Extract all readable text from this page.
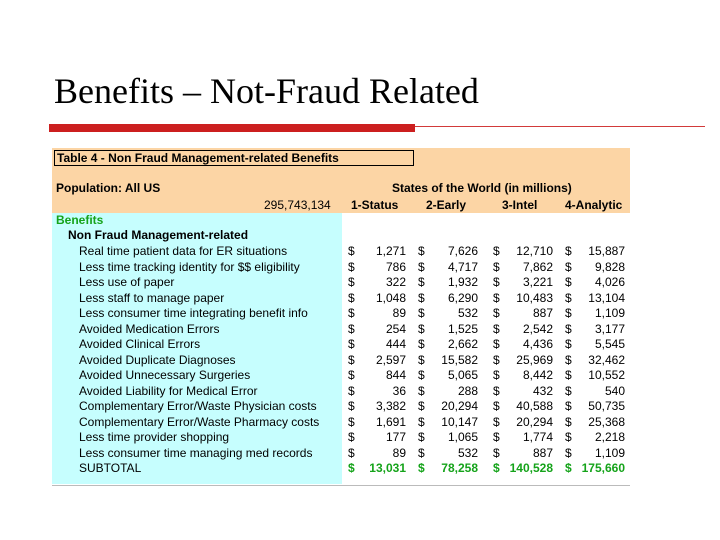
Benefits – Not-Fraud Related
Table 4 - Non Fraud Management-related Benefits
Population: All US	States of the World (in millions)
295,743,134 1-Status 2-Early	3-Intel 4-Analytic
Benefits
Non Fraud Management-related
Real time patient data for ER situations	$	1,271 $	7,626 $	12,710 $	15,887
Less time tracking identity for $$ eligibility	$	786 $	4,717 $	7,862 $	9,828
Less use of paper	$	322 $	1,932 $	3,221 $	4,026
Less staff to manage paper	$	1,048 $	6,290 $	10,483 $	13,104
Less consumer time integrating benefit info	$	89 $	532 $	887 $	1,109
Avoided Medication Errors	$	254 $	1,525 $	2,542 $	3,177
Avoided Clinical Errors	$	444 $	2,662 $	4,436 $	5,545
Avoided Duplicate Diagnoses	$	2,597 $	15,582 $	25,969 $	32,462
Avoided Unnecessary Surgeries	$	844 $	5,065 $	8,442 $	10,552
Avoided Liability for Medical Error	$	36 $	288 $	432 $	540
Complementary Error/Waste Physician costs	$	3,382 $	20,294 $	40,588 $	50,735
Complementary Error/Waste Pharmacy costs $	1,691 $	10,147 $	20,294 $	25,368
Less time provider shopping	$	177 $	1,065 $	1,774 $	2,218
Less consumer time managing med records	$	89 $	532 $	887 $	1,109
SUBTOTAL	$	13,031 $	78,258 $ 140,528 $ 175,660
